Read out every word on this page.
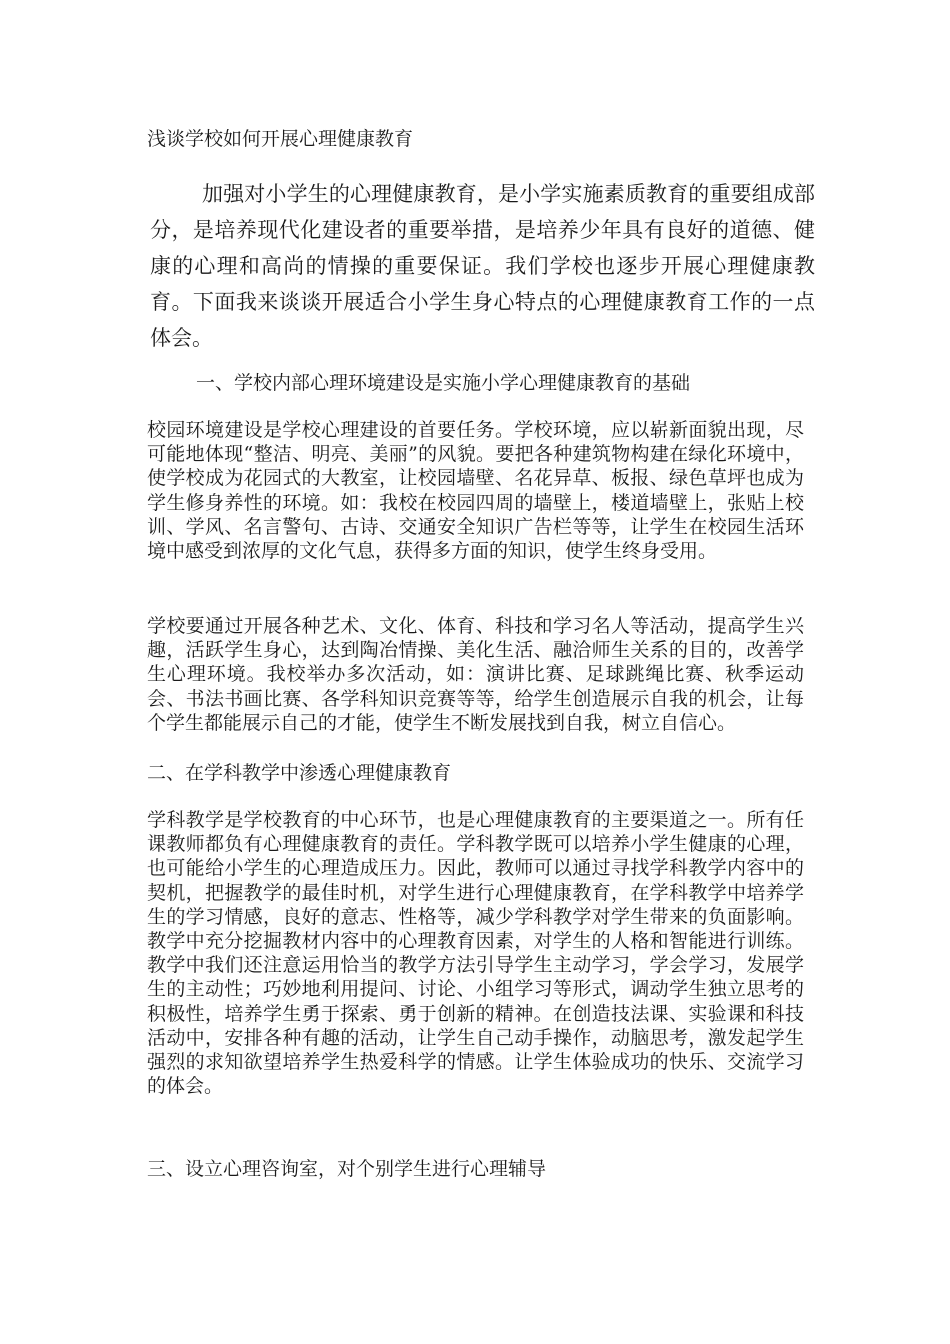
浅谈学校如何开展心理健康教育

加强对小学生的心理健康教育，是小学实施素质教育的重要组成部分，是培养现代化建设者的重要举措，是培养少年具有良好的道德、健康的心理和高尚的情操的重要保证。我们学校也逐步开展心理健康教育。下面我来谈谈开展适合小学生身心特点的心理健康教育工作的一点体会。

一、学校内部心理环境建设是实施小学心理健康教育的基础

校园环境建设是学校心理建设的首要任务。学校环境，应以崭新面貌出现，尽可能地体现“整洁、明亮、美丽”的风貌。要把各种建筑物构建在绿化环境中，使学校成为花园式的大教室，让校园墙壁、名花异草、板报、绿色草坪也成为学生修身养性的环境。如：我校在校园四周的墙壁上，楼道墙壁上，张贴上校训、学风、名言警句、古诗、交通安全知识广告栏等等，让学生在校园生活环境中感受到浓厚的文化气息，获得多方面的知识，使学生终身受用。

学校要通过开展各种艺术、文化、体育、科技和学习名人等活动，提高学生兴趣，活跃学生身心，达到陶冶情操、美化生活、融洽师生关系的目的，改善学生心理环境。我校举办多次活动，如：演讲比赛、足球跳绳比赛、秋季运动会、书法书画比赛、各学科知识竞赛等等，给学生创造展示自我的机会，让每个学生都能展示自己的才能，使学生不断发展找到自我，树立自信心。

二、在学科教学中渗透心理健康教育

学科教学是学校教育的中心环节，也是心理健康教育的主要渠道之一。所有任课教师都负有心理健康教育的责任。学科教学既可以培养小学生健康的心理，也可能给小学生的心理造成压力。因此，教师可以通过寻找学科教学内容中的契机，把握教学的最佳时机，对学生进行心理健康教育，在学科教学中培养学生的学习情感，良好的意志、性格等，减少学科教学对学生带来的负面影响。教学中充分挖掘教材内容中的心理教育因素，对学生的人格和智能进行训练。教学中我们还注意运用恰当的教学方法引导学生主动学习，学会学习，发展学生的主动性；巧妙地利用提问、讨论、小组学习等形式，调动学生独立思考的积极性，培养学生勇于探索、勇于创新的精神。在创造技法课、实验课和科技活动中，安排各种有趣的活动，让学生自己动手操作，动脑思考，激发起学生强烈的求知欲望培养学生热爱科学的情感。让学生体验成功的快乐、交流学习的体会。

三、设立心理咨询室，对个别学生进行心理辅导
